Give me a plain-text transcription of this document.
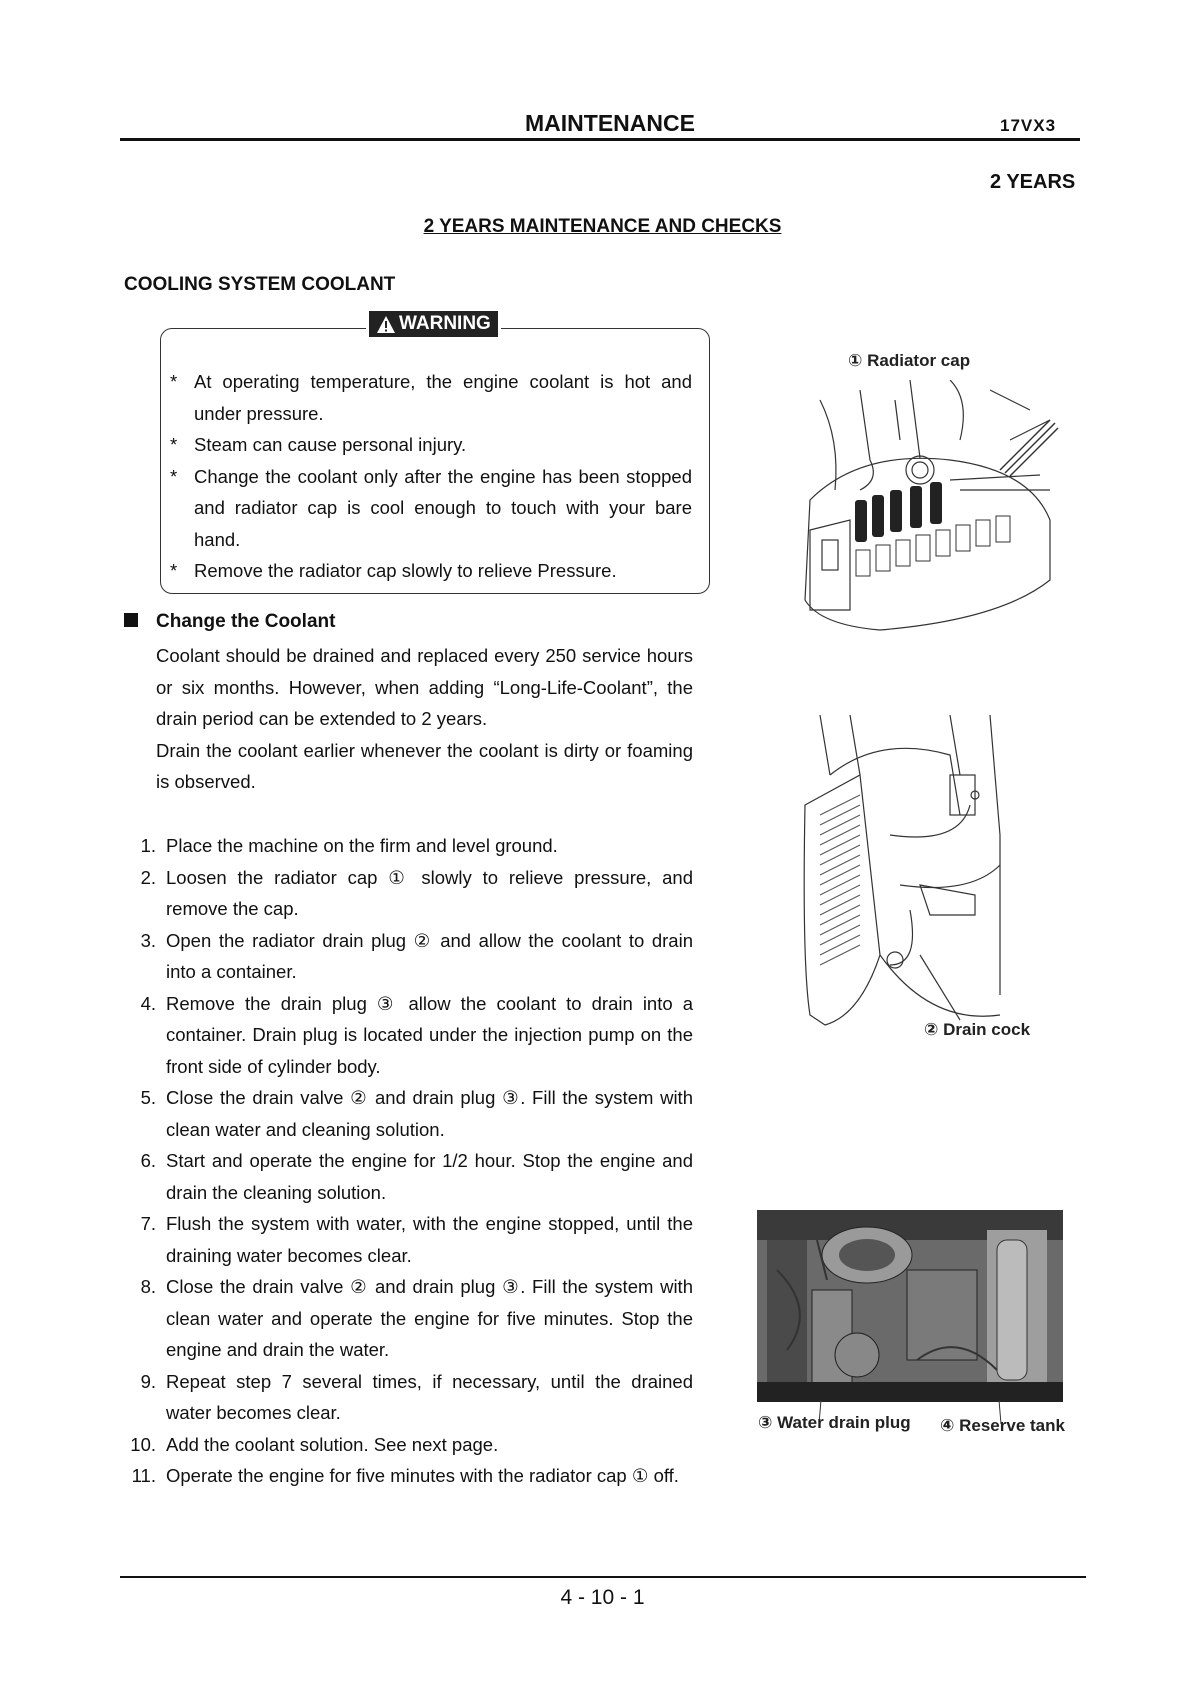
MAINTENANCE	17VX3
2 YEARS
2 YEARS MAINTENANCE AND CHECKS
COOLING SYSTEM COOLANT
WARNING
* At operating temperature, the engine coolant is hot and under pressure.
* Steam can cause personal injury.
* Change the coolant only after the engine has been stopped and radiator cap is cool enough to touch with your bare hand.
* Remove the radiator cap slowly to relieve Pressure.
Change the Coolant
Coolant should be drained and replaced every 250 service hours or six months. However, when adding “Long-Life-Coolant”, the drain period can be extended to 2 years.
Drain the coolant earlier whenever the coolant is dirty or foaming is observed.
1. Place the machine on the firm and level ground.
2. Loosen the radiator cap ① slowly to relieve pressure, and remove the cap.
3. Open the radiator drain plug ② and allow the coolant to drain into a container.
4. Remove the drain plug ③ allow the coolant to drain into a container. Drain plug is located under the injection pump on the front side of cylinder body.
5. Close the drain valve ② and drain plug ③. Fill the system with clean water and cleaning solution.
6. Start and operate the engine for 1/2 hour. Stop the engine and drain the cleaning solution.
7. Flush the system with water, with the engine stopped, until the draining water becomes clear.
8. Close the drain valve ② and drain plug ③. Fill the system with clean water and operate the engine for five minutes. Stop the engine and drain the water.
9. Repeat step 7 several times, if necessary, until the drained water becomes clear.
10. Add the coolant solution. See next page.
11. Operate the engine for five minutes with the radiator cap ① off.
① Radiator cap
② Drain cock
③ Water drain plug ④ Reserve tank
4 - 10 - 1
